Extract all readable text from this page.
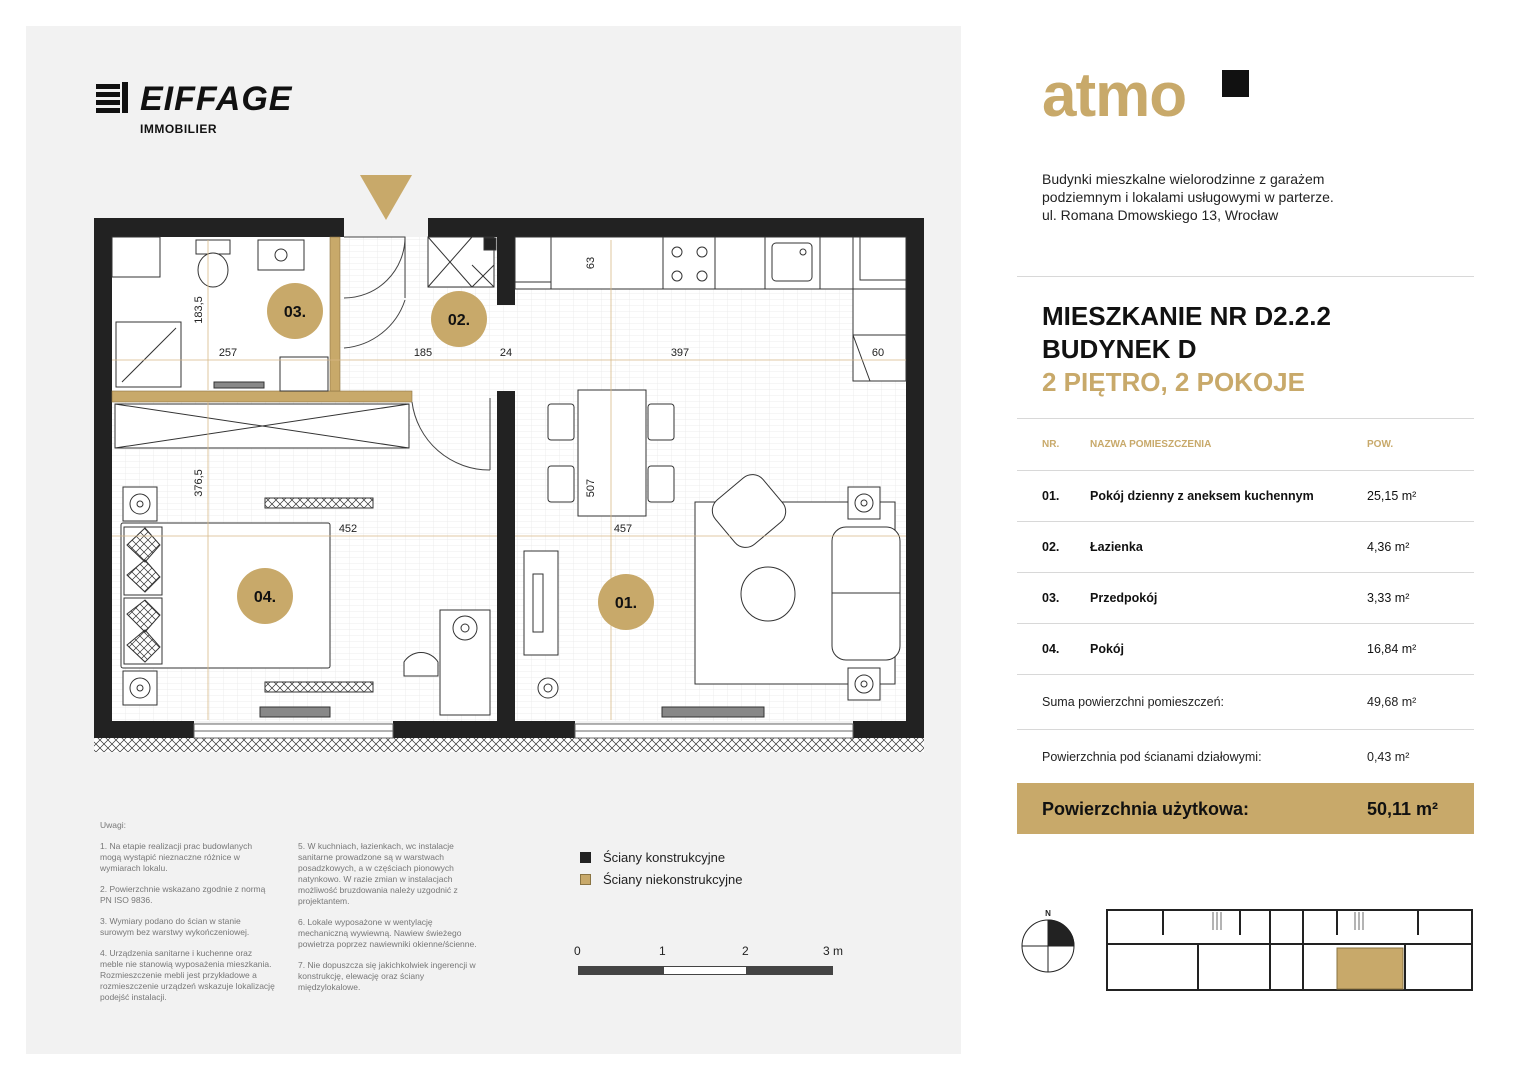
EIFFAGE
IMMOBILIER
183,5
257	185	24	397	60
63
376,5
452
507
457
03.	02.
04.	01.

Uwagi:

1. Na etapie realizacji prac budowlanych mogą wystąpić nieznaczne różnice w wymiarach lokalu.

2. Powierzchnie wskazano zgodnie z normą PN ISO 9836.

3. Wymiary podano do ścian w stanie surowym bez warstwy wykończeniowej.

4. Urządzenia sanitarne i kuchenne oraz meble nie stanowią wyposażenia mieszkania. Rozmieszczenie mebli jest przykładowe a rozmieszczenie urządzeń wskazuje lokalizację podejść instalacji.

5. W kuchniach, łazienkach, wc instalacje sanitarne prowadzone są w warstwach posadzkowych, a w częściach pionowych natynkowo. W razie zmian w instalacjach możliwość bruzdowania należy uzgodnić z projektantem.

6. Lokale wyposażone w wentylację mechaniczną wywiewną. Nawiew świeżego powietrza poprzez nawiewniki okienne/ścienne.

7. Nie dopuszcza się jakichkolwiek ingerencji w konstrukcję, elewację oraz ściany międzylokalowe.

Ściany konstrukcyjne
Ściany niekonstrukcyjne
0	1	2	3 m
atmo
Budynki mieszkalne wielorodzinne z garażem
podziemnym i lokalami usługowymi w parterze.
ul. Romana Dmowskiego 13, Wrocław
MIESZKANIE NR D2.2.2
BUDYNEK D
2 PIĘTRO, 2 POKOJE
NR.	NAZWA POMIESZCZENIA	POW.
01. Pokój dzienny z aneksem kuchennym	25,15 m²
02. Łazienka	4,36 m²
03. Przedpokój	3,33 m²
04. Pokój	16,84 m²
Suma powierzchni pomieszczeń:	49,68 m²
Powierzchnia pod ścianami działowymi:	0,43 m²
Powierzchnia użytkowa:	50,11 m²
N
